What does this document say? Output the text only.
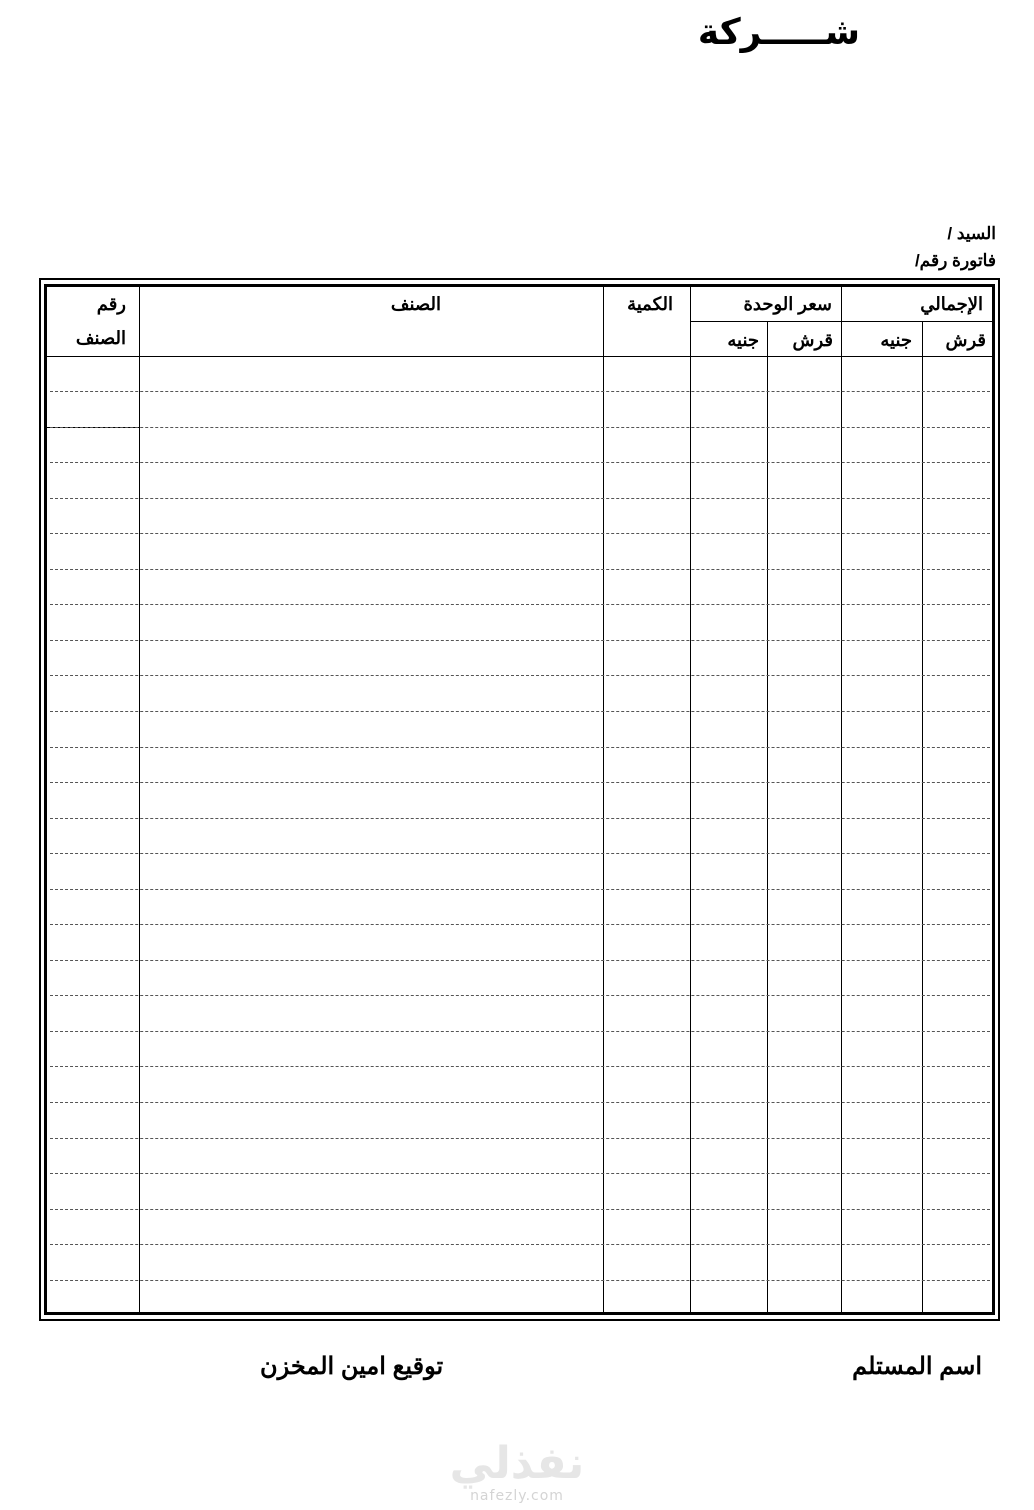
شـــــركة
السيد /
فاتورة رقم/
الإجمالي
سعر الوحدة
الكمية
الصنف
رقم الصنف	قرش
جنيه
قرش
جنيه
اسم المستلم
توقيع امين المخزن
نفذلي
nafezly.com
